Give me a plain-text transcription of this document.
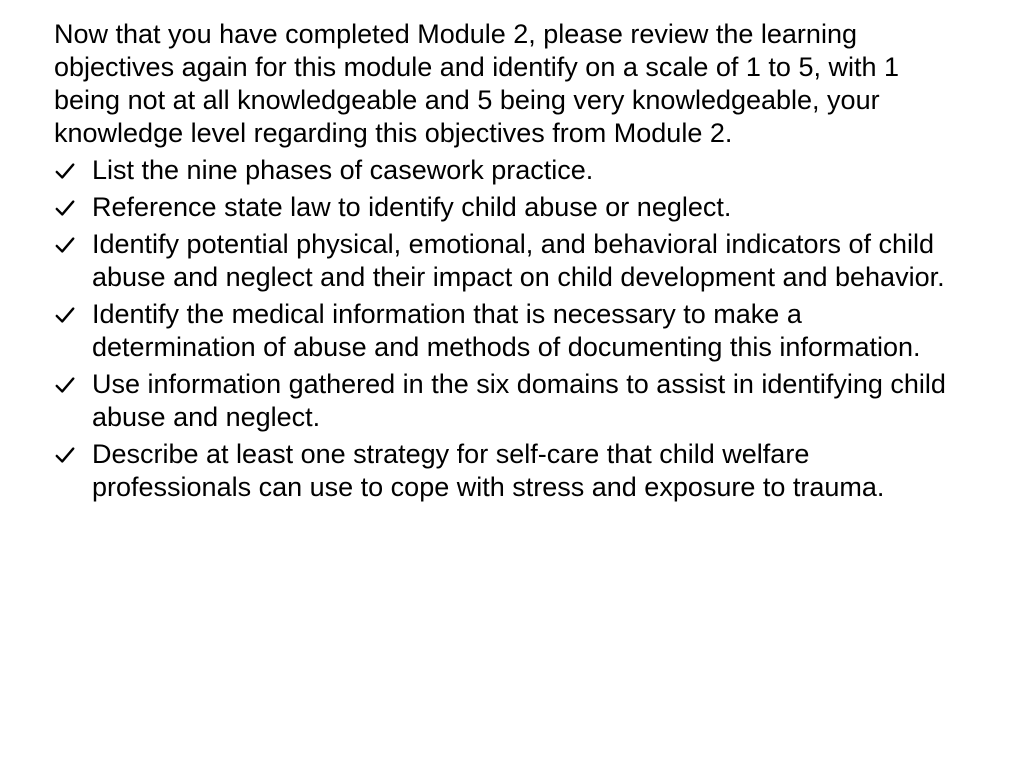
Now that you have completed Module 2, please review the learning objectives again for this module and identify on a scale of 1 to 5, with 1 being not at all knowledgeable and 5 being very knowledgeable, your knowledge level regarding this objectives from Module 2.

List the nine phases of casework practice.
Reference state law to identify child abuse or neglect.
Identify potential physical, emotional, and behavioral indicators of child abuse and neglect and their impact on child development and behavior.
Identify the medical information that is necessary to make a determination of abuse and methods of documenting this information.
Use information gathered in the six domains to assist in identifying child abuse and neglect.
Describe at least one strategy for self-care that child welfare professionals can use to cope with stress and exposure to trauma.
